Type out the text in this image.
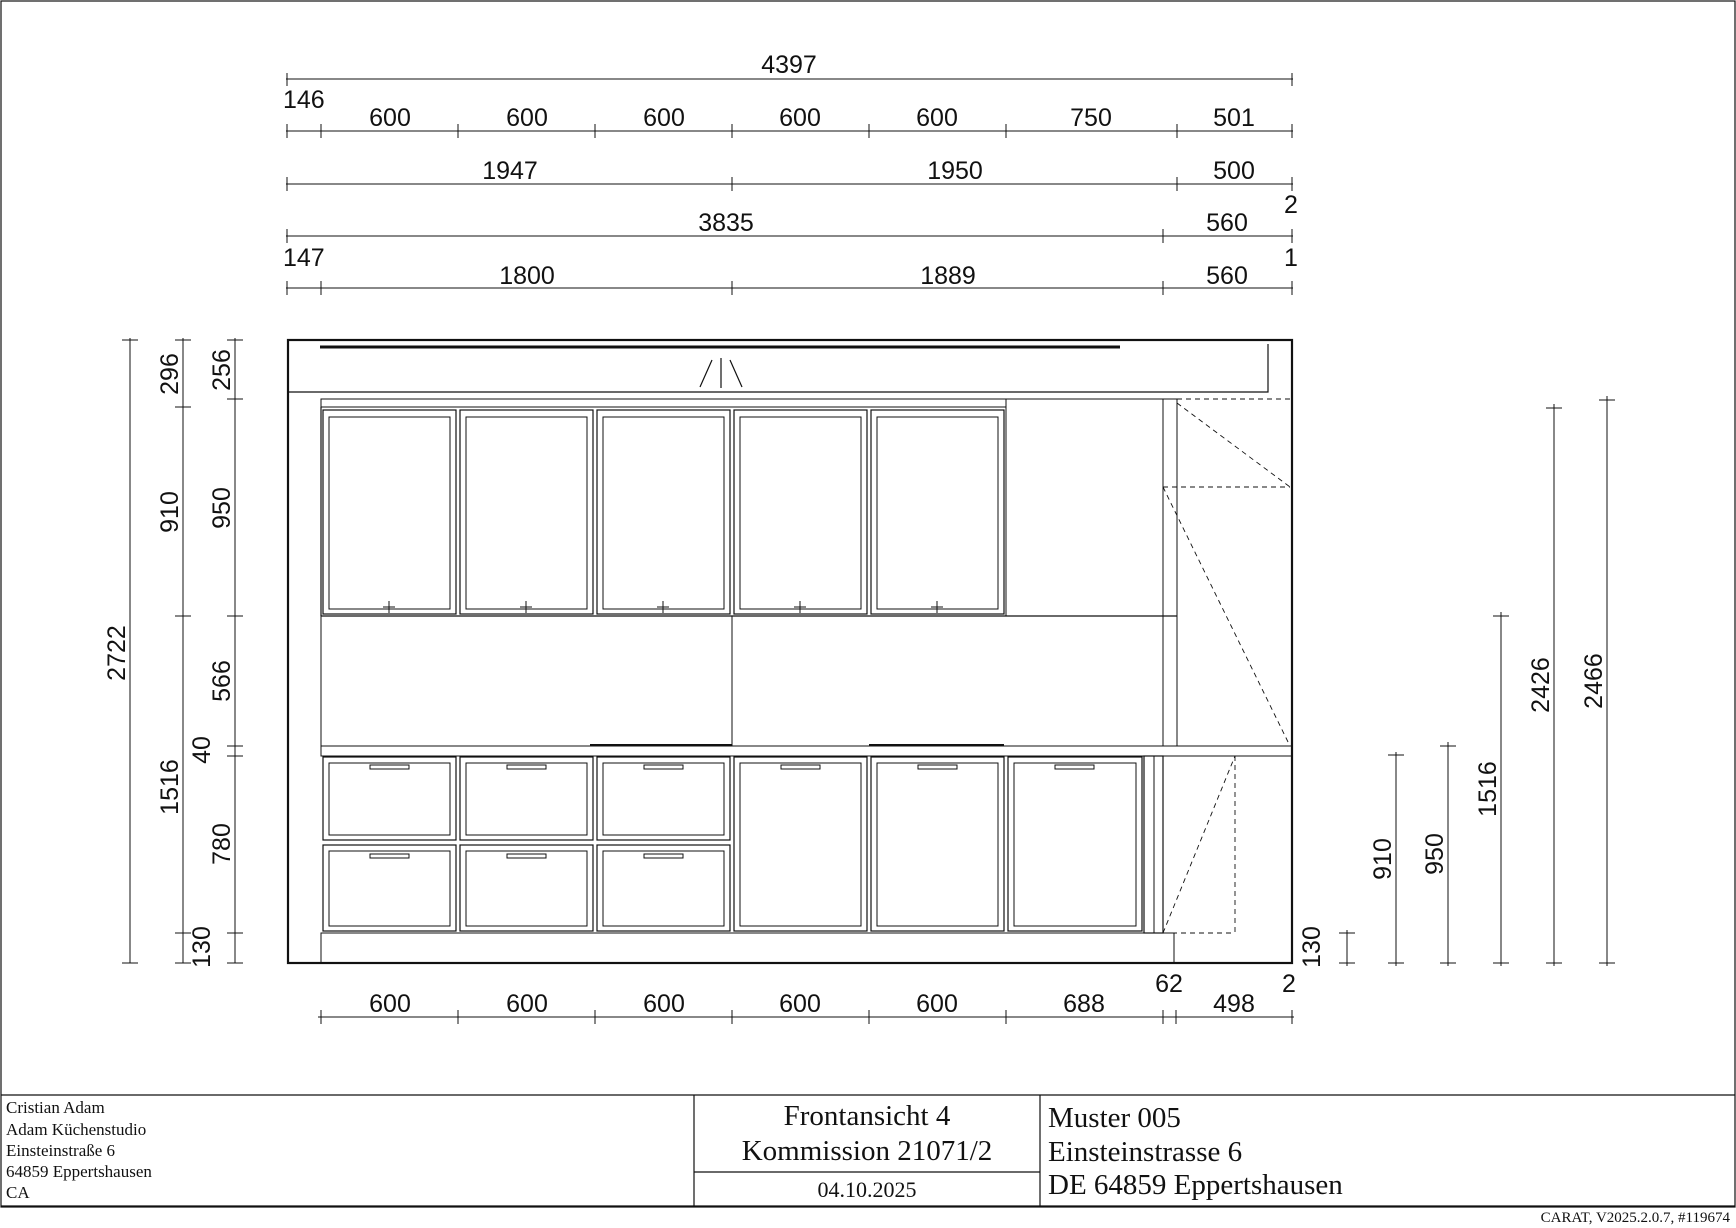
4397
146
600	600	600	600	600	750	501
1947	1950	500
2
3835	560
1
147
1800	1889	560
2722
296
910
1516
130
256
950
566
40
780
130
910 950
1516
2426 2466
600	600	600	600	600	688
62
498
2
Cristian Adam
Adam Küchenstudio
Einsteinstraße 6
64859 Eppertshausen
CA
Frontansicht 4
Kommission 21071/2
04.10.2025
Muster 005
Einsteinstrasse 6
DE 64859 Eppertshausen
CARAT, V2025.2.0.7, #119674
